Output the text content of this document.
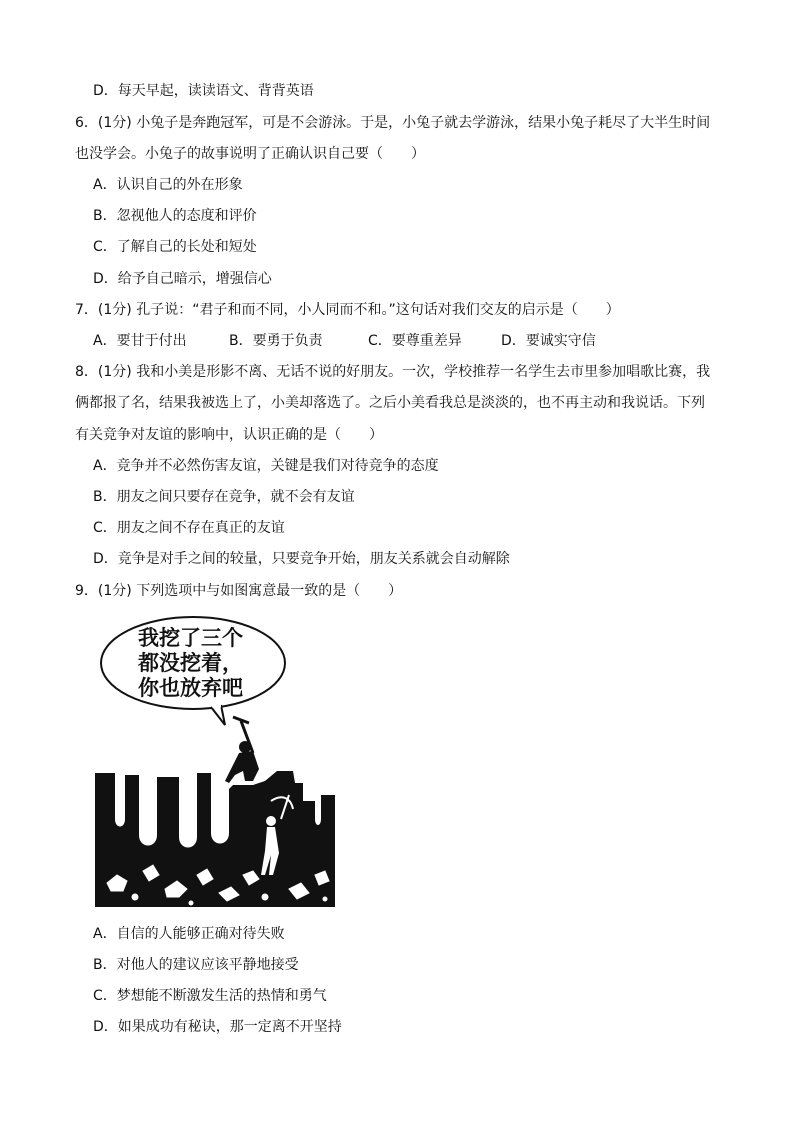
D．每天早起，读读语文、背背英语
6．(1分) 小兔子是奔跑冠军，可是不会游泳。于是，小兔子就去学游泳，结果小兔子耗尽了大半生时间
也没学会。小兔子的故事说明了正确认识自己要（　　）
A．认识自己的外在形象
B．忽视他人的态度和评价
C．了解自己的长处和短处
D．给予自己暗示，增强信心
7．(1分) 孔子说：“君子和而不同，小人同而不和。”这句话对我们交友的启示是（　　）
A．要甘于付出	B．要勇于负责	C．要尊重差异	D．要诚实守信
8．(1分) 我和小美是形影不离、无话不说的好朋友。一次，学校推荐一名学生去市里参加唱歌比赛，我
俩都报了名，结果我被选上了，小美却落选了。之后小美看我总是淡淡的，也不再主动和我说话。下列
有关竞争对友谊的影响中，认识正确的是（　　）
A．竞争并不必然伤害友谊，关键是我们对待竞争的态度
B．朋友之间只要存在竞争，就不会有友谊
C．朋友之间不存在真正的友谊
D．竞争是对手之间的较量，只要竞争开始，朋友关系就会自动解除
9．(1分) 下列选项中与如图寓意最一致的是（　　）
我挖了三个
都没挖着，
你也放弃吧
A．自信的人能够正确对待失败
B．对他人的建议应该平静地接受
C．梦想能不断激发生活的热情和勇气
D．如果成功有秘诀，那一定离不开坚持
